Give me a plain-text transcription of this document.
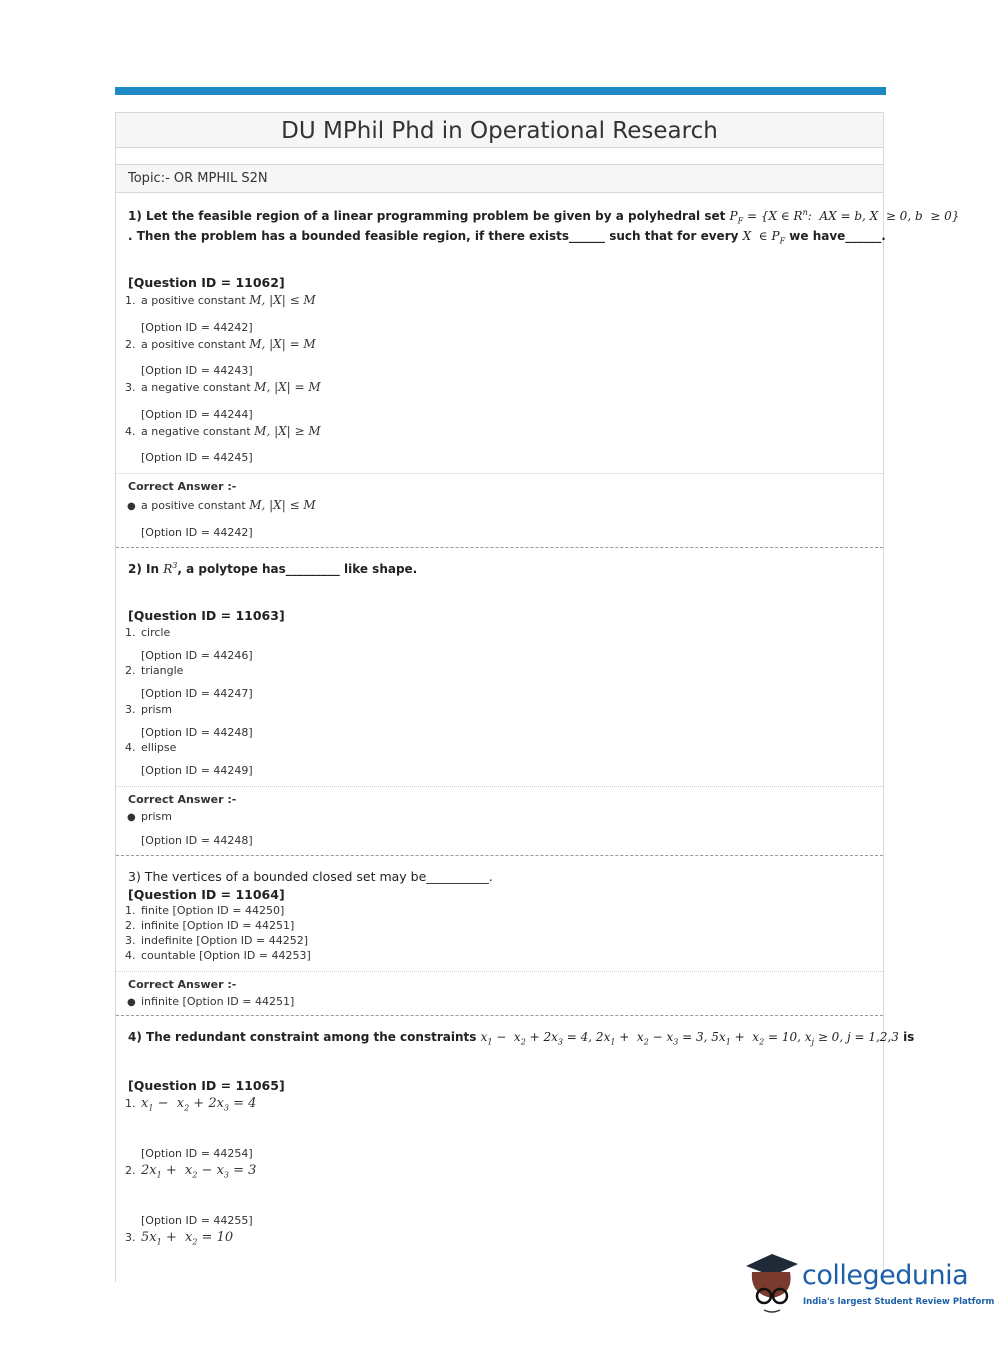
DU MPhil Phd in Operational Research
Topic:- OR MPHIL S2N
1) Let the feasible region of a linear programming problem be given by a polyhedral set $P_F = \{X$ ∈ $R^n$:  AX = b, X  ≥ 0, b  ≥ 0}
. Then the problem has a bounded feasible region, if there exists______ such that for every X  ∈ $P_F$ we have______.
[Question ID = 11062]
1. a positive constant M, |X| ≤ M
[Option ID = 44242]
2. a positive constant M, |X| = M
[Option ID = 44243]
3. a negative constant M, |X| = M
[Option ID = 44244]
4. a negative constant M, |X| ≥ M
[Option ID = 44245]
Correct Answer :-
● a positive constant M, |X| ≤ M
[Option ID = 44242]
2) In $R^3$, a polytope has_________ like shape.
[Question ID = 11063]
1. circle
[Option ID = 44246]
2. triangle
[Option ID = 44247]
3. prism
[Option ID = 44248]
4. ellipse
[Option ID = 44249]
Correct Answer :-
● prism
[Option ID = 44248]
3) The vertices of a bounded closed set may be__________.
[Question ID = 11064]
1. finite [Option ID = 44250]
2. infinite [Option ID = 44251]
3. indefinite [Option ID = 44252]
4. countable [Option ID = 44253]
Correct Answer :-
● infinite [Option ID = 44251]
4) The redundant constraint among the constraints $x_1 - x_2 + 2x_3 = 4$, $2x_1 + x_2 - x_3 = 3$, $5x_1 + x_2 = 10$, $x_j \ge 0$, j = 1,2,3 is
[Question ID = 11065]
1. $x_1 - x_2 + 2x_3 = 4$
[Option ID = 44254]
2. $2x_1 + x_2 - x_3 = 3$
[Option ID = 44255]
3. $5x_1 + x_2 = 10$
collegedunia
India's largest Student Review Platform
